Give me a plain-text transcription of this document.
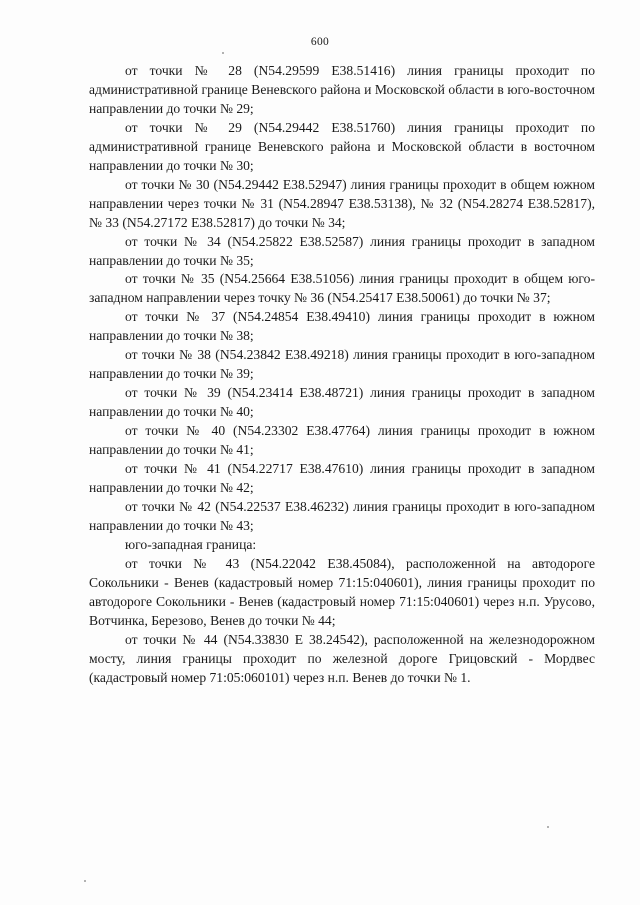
600

от точки № 28 (N54.29599 E38.51416) линия границы проходит по административной границе Веневского района и Московской области в юго-восточном направлении до точки № 29;

от точки № 29 (N54.29442 E38.51760) линия границы проходит по административной границе Веневского района и Московской области в восточном направлении до точки № 30;

от точки № 30 (N54.29442 E38.52947) линия границы проходит в общем южном направлении через точки № 31 (N54.28947 E38.53138), № 32 (N54.28274 E38.52817), № 33 (N54.27172 E38.52817) до точки № 34;

от точки № 34 (N54.25822 E38.52587) линия границы проходит в западном направлении до точки № 35;

от точки № 35 (N54.25664 E38.51056) линия границы проходит в общем юго-западном направлении через точку № 36 (N54.25417 E38.50061) до точки № 37;

от точки № 37 (N54.24854 E38.49410) линия границы проходит в южном направлении до точки № 38;

от точки № 38 (N54.23842 E38.49218) линия границы проходит в юго-западном направлении до точки № 39;

от точки № 39 (N54.23414 E38.48721) линия границы проходит в западном направлении до точки № 40;

от точки № 40 (N54.23302 E38.47764) линия границы проходит в южном направлении до точки № 41;

от точки № 41 (N54.22717 E38.47610) линия границы проходит в западном направлении до точки № 42;

от точки № 42 (N54.22537 E38.46232) линия границы проходит в юго-западном направлении до точки № 43;

юго-западная граница:

от точки № 43 (N54.22042 E38.45084), расположенной на автодороге Сокольники - Венев (кадастровый номер 71:15:040601), линия границы проходит по автодороге Сокольники - Венев (кадастровый номер 71:15:040601) через н.п. Урусово, Вотчинка, Березово, Венев до точки № 44;

от точки № 44 (N54.33830 E 38.24542), расположенной на железнодорожном мосту, линия границы проходит по железной дороге Грицовский - Мордвес (кадастровый номер 71:05:060101) через н.п. Венев до точки № 1.
